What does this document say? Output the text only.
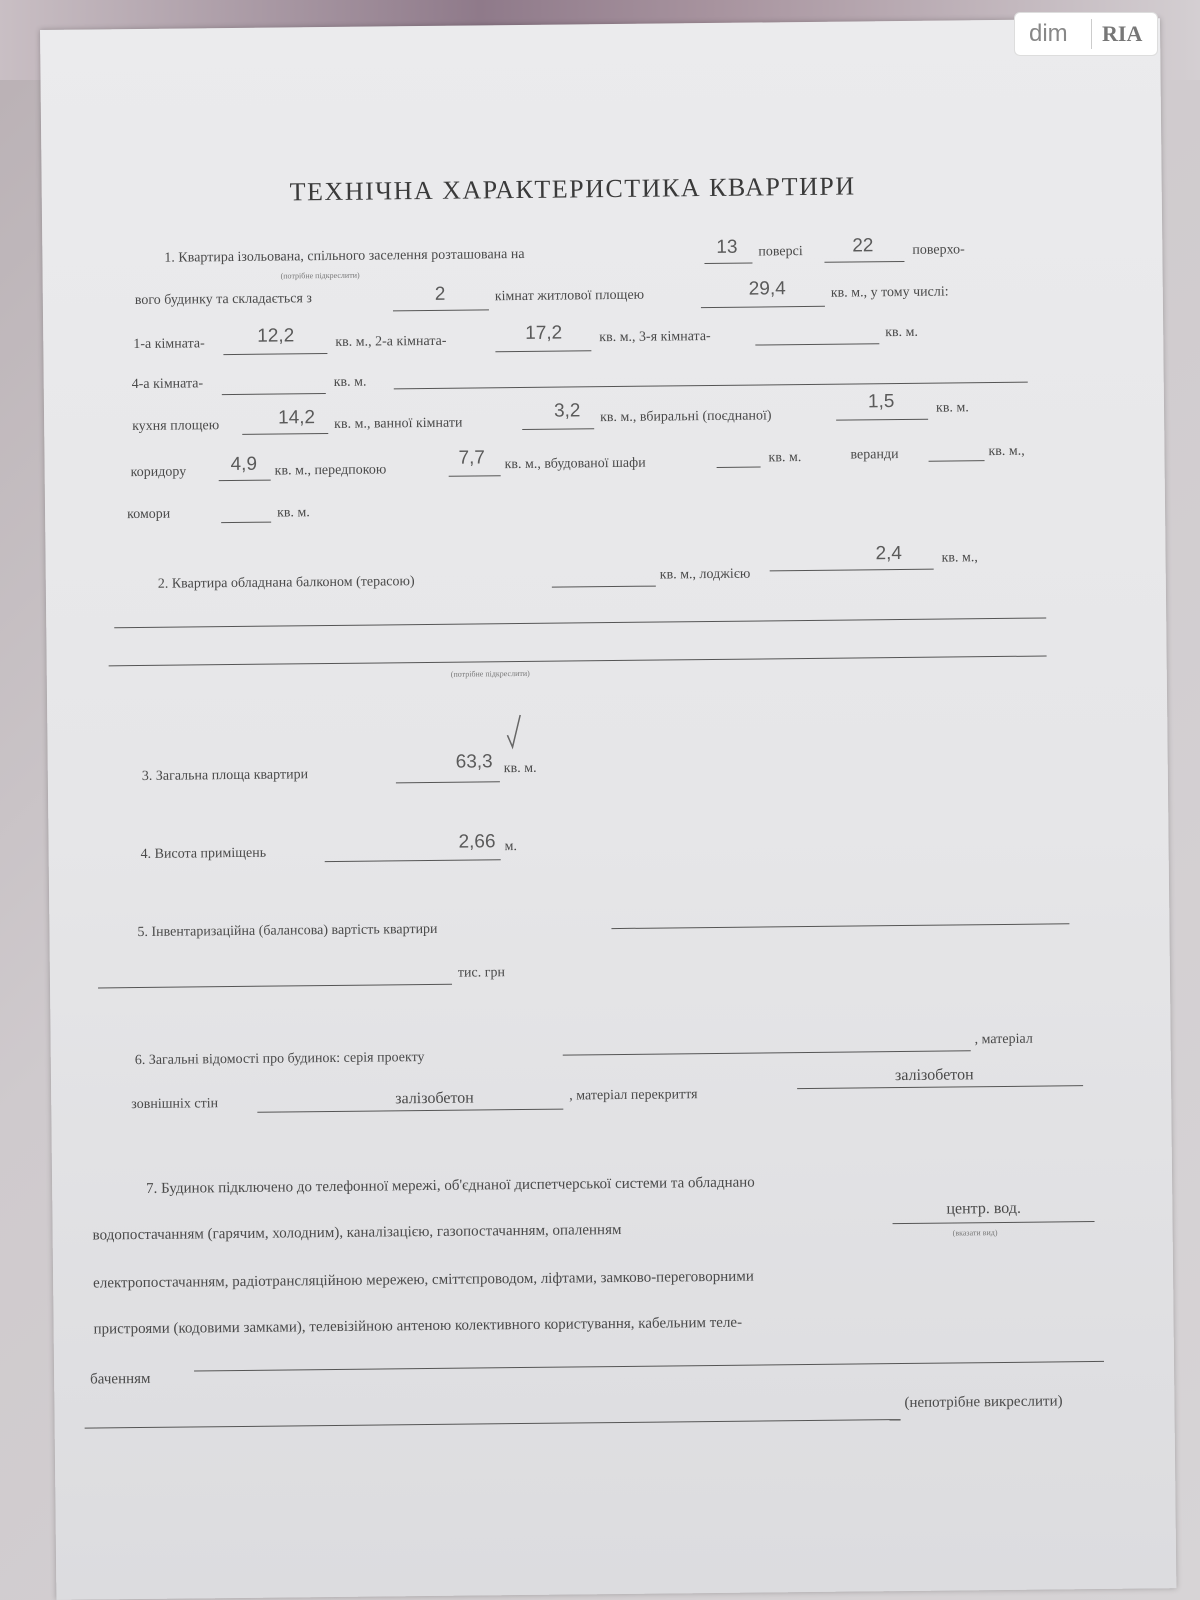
ТЕХНІЧНА ХАРАКТЕРИСТИКА КВАРТИРИ
1. Квартира ізольована, спільного заселення розташована на	13 поверсі	22	поверхо-
(потрібне підкреслити)
вого будинку та складається з	2	кімнат житлової площею	29,4	кв. м., у тому числі:
1-а кімната-	12,2	кв. м., 2-а кімната-	17,2	кв. м., 3-я кімната-	кв. м.
4-а кімната-	кв. м.
кухня площею	14,2 кв. м., ванної кімнати
3,2 кв. м., вбиральні (поєднаної)
1,5	кв. м.
коридору 4,9 кв. м., передпокою
7,7 кв. м., вбудованої шафи	кв. м.	веранди	кв. м.,
комори	кв. м.
2. Квартира обладнана балконом (терасою)	кв. м., лоджією
2,4	кв. м.,
(потрібне підкреслити)
3. Загальна площа квартири
63,3 кв. м.
4. Висота приміщень
2,66 м.
5. Інвентаризаційна (балансова) вартість квартири
тис. грн
6. Загальні відомості про будинок: серія проекту
, матеріал
зовнішніх стін	залізобетон	, матеріал перекриття
залізобетон
7. Будинок підключено до телефонної мережі, об'єднаної диспетчерської системи та обладнано
водопостачанням (гарячим, холодним), каналізацією, газопостачанням, опаленням
центр. вод.
(вказати вид)
електропостачанням, радіотрансляційною мережею, сміттєпроводом, ліфтами, замково-переговорними
пристроями (кодовими замками), телевізійною антеною колективного користування, кабельним теле-
баченням
(непотрібне викреслити)
dim	RIA
